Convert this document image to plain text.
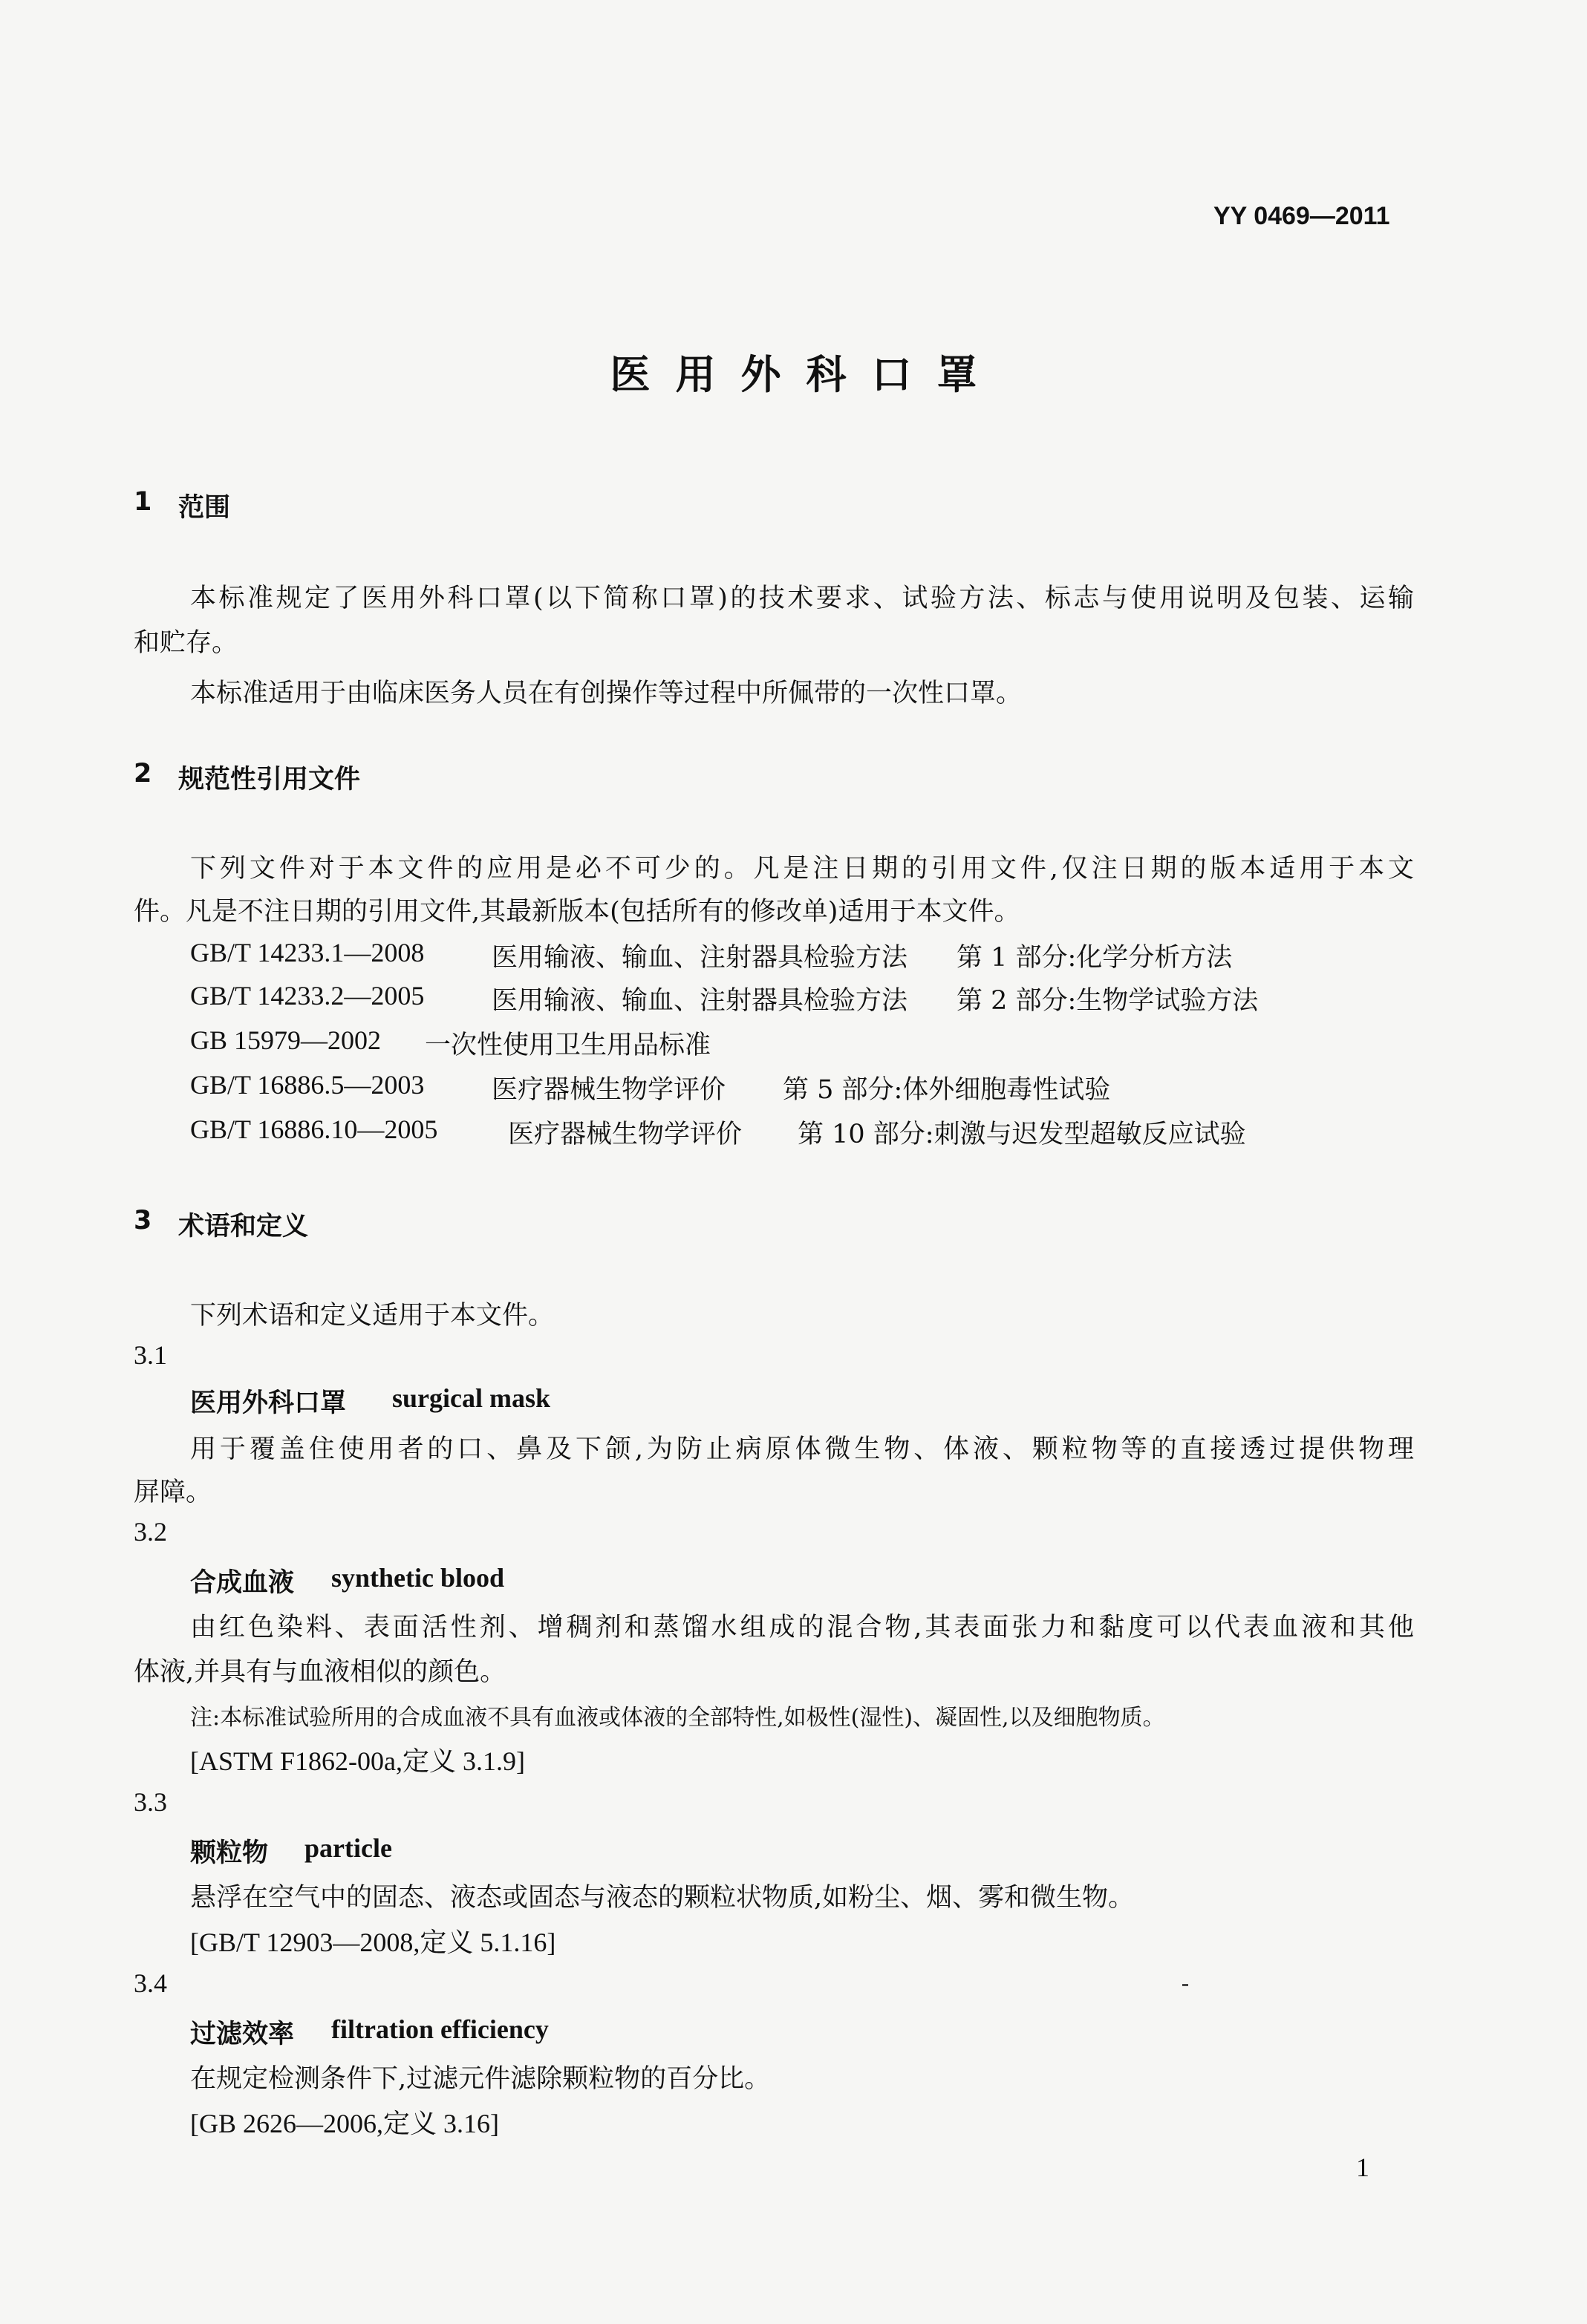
YY 0469—2011
医用外科口罩
1 范围
本标准规定了医用外科口罩(以下简称口罩)的技术要求、试验方法、标志与使用说明及包装、运输
和贮存。
本标准适用于由临床医务人员在有创操作等过程中所佩带的一次性口罩。
2 规范性引用文件
下列文件对于本文件的应用是必不可少的。凡是注日期的引用文件,仅注日期的版本适用于本文
件。凡是不注日期的引用文件,其最新版本(包括所有的修改单)适用于本文件。
GB/T 14233.1—2008	医用输液、输血、注射器具检验方法 第 1 部分:化学分析方法
GB/T 14233.2—2005	医用输液、输血、注射器具检验方法 第 2 部分:生物学试验方法
GB 15979—2002 一次性使用卫生用品标准
GB/T 16886.5—2003	医疗器械生物学评价 第 5 部分:体外细胞毒性试验
GB/T 16886.10—2005	医疗器械生物学评价 第 10 部分:刺激与迟发型超敏反应试验
3 术语和定义
下列术语和定义适用于本文件。
3.1
医用外科口罩 surgical mask
用于覆盖住使用者的口、鼻及下颌,为防止病原体微生物、体液、颗粒物等的直接透过提供物理
屏障。
3.2
合成血液 synthetic blood
由红色染料、表面活性剂、增稠剂和蒸馏水组成的混合物,其表面张力和黏度可以代表血液和其他
体液,并具有与血液相似的颜色。
注:本标准试验所用的合成血液不具有血液或体液的全部特性,如极性(湿性)、凝固性,以及细胞物质。
[ASTM F1862-00a,定义 3.1.9]
3.3
颗粒物 particle
悬浮在空气中的固态、液态或固态与液态的颗粒状物质,如粉尘、烟、雾和微生物。
[GB/T 12903—2008,定义 5.1.16]
3.4
过滤效率 filtration efficiency
在规定检测条件下,过滤元件滤除颗粒物的百分比。
[GB 2626—2006,定义 3.16]
1
